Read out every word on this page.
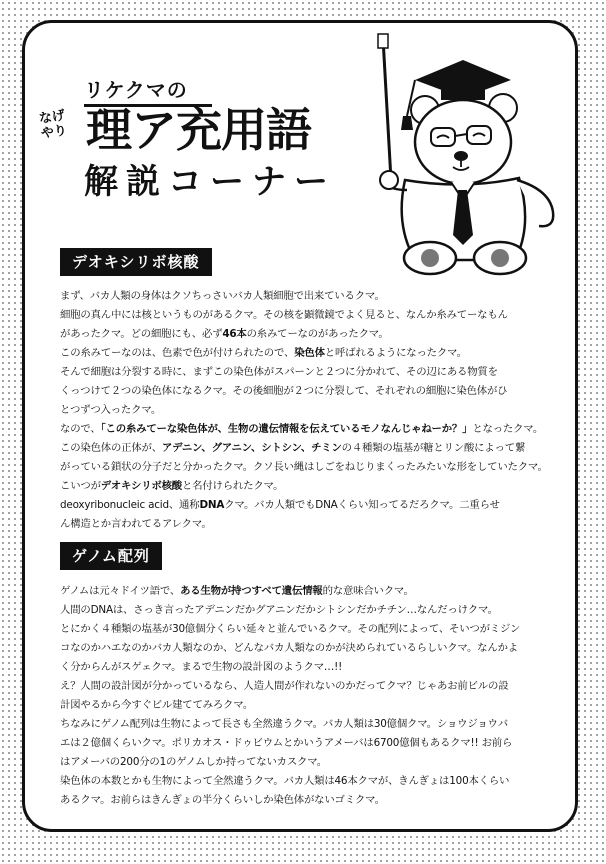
リケクマの
なげ
やり 理ア充用語
解説コーナー
デオキシリボ核酸

まず、バカ人類の身体はクソちっさいバカ人類細胞で出来ているクマ。

細胞の真ん中には核というものがあるクマ。その核を顕微鏡でよく見ると、なんか糸みてーなもん

があったクマ。どの細胞にも、必ず46本の糸みてーなのがあったクマ。

この糸みてーなのは、色素で色が付けられたので、染色体と呼ばれるようになったクマ。

そんで細胞は分裂する時に、まずこの染色体がスパーンと２つに分かれて、その辺にある物質を

くっつけて２つの染色体になるクマ。その後細胞が２つに分裂して、それぞれの細胞に染色体がひ

とつずつ入ったクマ。

なので、「この糸みてーな染色体が、生物の遺伝情報を伝えているモノなんじゃねーか？」となったクマ。

この染色体の正体が、アデニン、グアニン、シトシン、チミンの４種類の塩基が糖とリン酸によって繋

がっている鎖状の分子だと分かったクマ。クソ長い縄はしごをねじりまくったみたいな形をしていたクマ。

こいつがデオキシリボ核酸と名付けられたクマ。

deoxyribonucleic acid、通称DNAクマ。バカ人類でもDNAくらい知ってるだろクマ。二重らせ

ん構造とか言われてるアレクマ。

ゲノム配列

ゲノムは元々ドイツ語で、ある生物が持つすべて遺伝情報的な意味合いクマ。

人間のDNAは、さっき言ったアデニンだかグアニンだかシトシンだかチチン…なんだっけクマ。

とにかく４種類の塩基が30億個分くらい延々と並んでいるクマ。その配列によって、そいつがミジン

コなのかハエなのかバカ人類なのか、どんなバカ人類なのかが決められているらしいクマ。なんかよ

く分からんがスゲェクマ。まるで生物の設計図のようクマ…!!

え？人間の設計図が分かっているなら、人造人間が作れないのかだってクマ？じゃあお前ビルの設

計図やるから今すぐビル建ててみろクマ。

ちなみにゲノム配列は生物によって長さも全然違うクマ。バカ人類は30億個クマ。ショウジョウバ

エは２億個くらいクマ。ポリカオス・ドゥビウムとかいうアメーバは6700億個もあるクマ!! お前ら

はアメーバの200分の1のゲノムしか持ってないカスクマ。

染色体の本数とかも生物によって全然違うクマ。バカ人類は46本クマが、きんぎょは100本くらい

あるクマ。お前らはきんぎょの半分くらいしか染色体がないゴミクマ。
